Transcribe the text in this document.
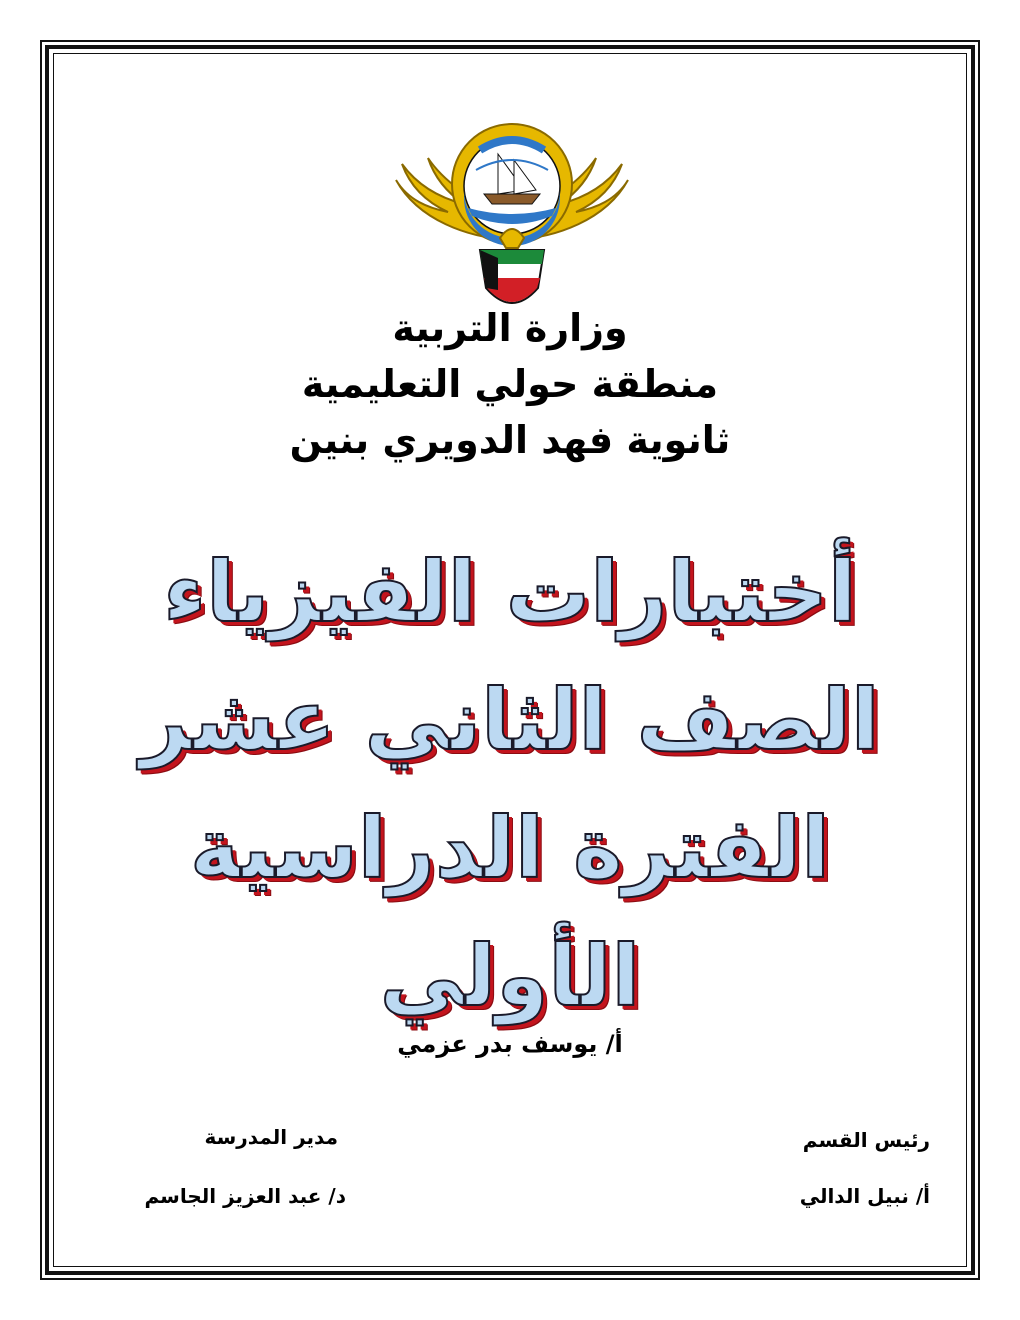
وزارة التربية
منطقة حولي التعليمية
ثانوية فهد الدويري بنين
أختبارات الفيزياء
الصف الثاني عشر
الفترة الدراسية الأولي
أ/ يوسف بدر عزمي
رئيس القسم
أ/ نبيل الدالي
مدير المدرسة
د/ عبد العزيز الجاسم
